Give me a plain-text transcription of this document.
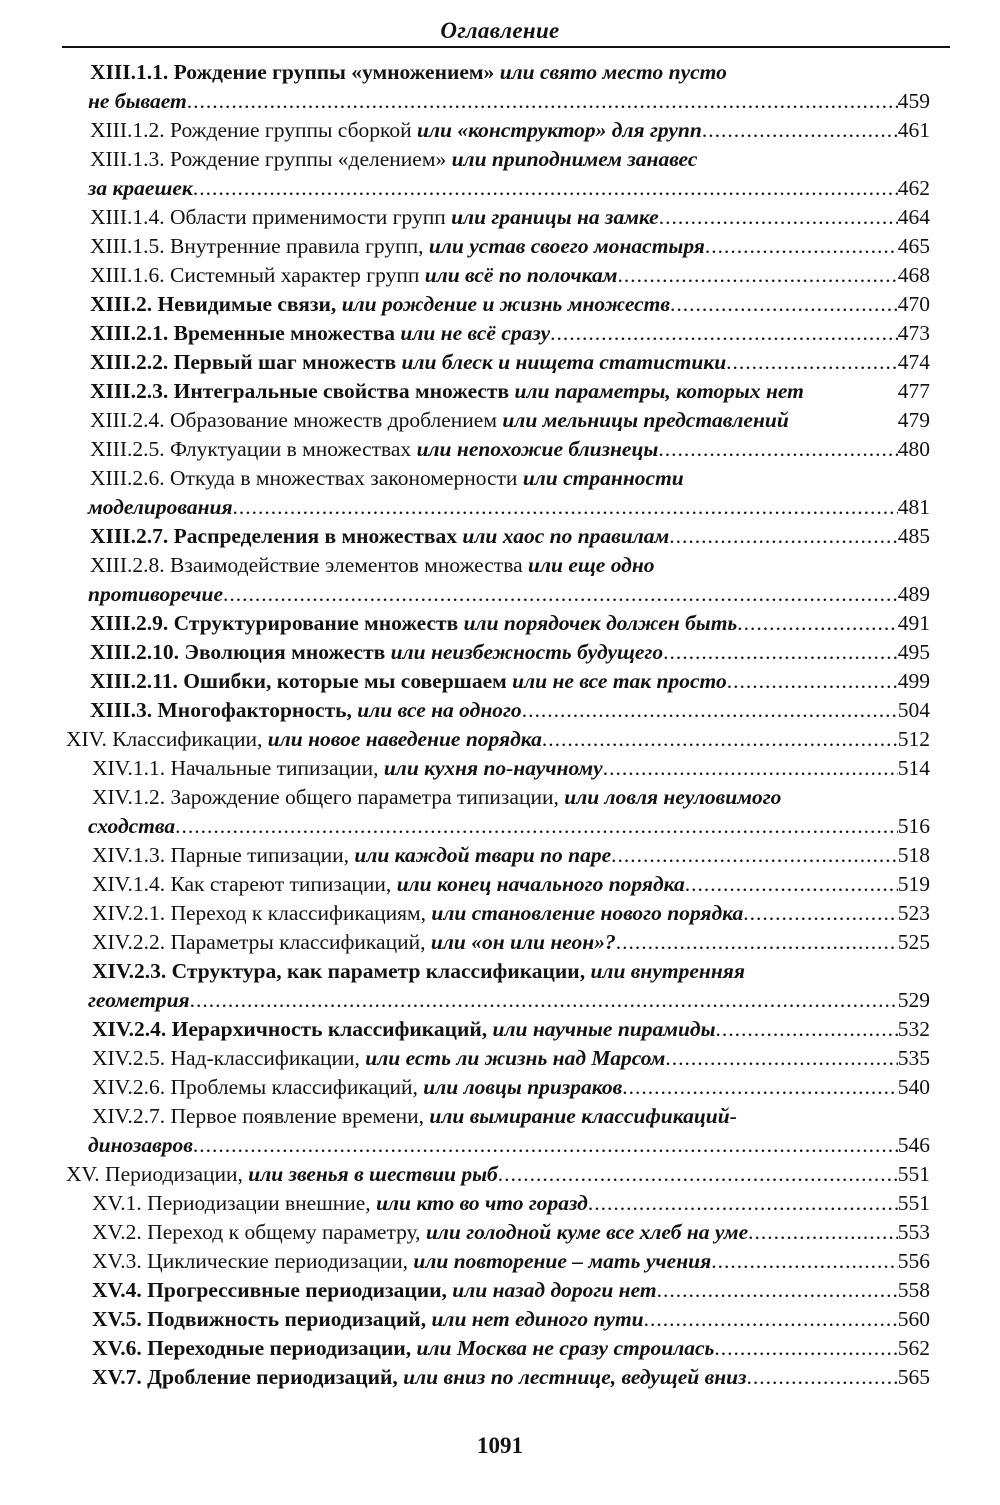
Оглавление
XIII.1.1. Рождение группы «умножением» или свято место пусто
не бывает .....	459
XIII.1.2. Рождение группы сборкой или «конструктор» для групп .....	461
XIII.1.3. Рождение группы «делением» или приподнимем занавес
за краешек .....	462
XIII.1.4. Области применимости групп или границы на замке .....	464
XIII.1.5. Внутренние правила групп, или устав своего монастыря .....	465
XIII.1.6. Системный характер групп или всё по полочкам .....	468
XIII.2. Невидимые связи, или рождение и жизнь множеств .....	470
XIII.2.1. Временные множества или не всё сразу .....	473
XIII.2.2. Первый шаг множеств или блеск и нищета статистики .....	474
XIII.2.3. Интегральные свойства множеств или параметры, которых нет	477
XIII.2.4. Образование множеств дроблением или мельницы представлений	479
XIII.2.5. Флуктуации в множествах или непохожие близнецы .....	480
XIII.2.6. Откуда в множествах закономерности или странности
моделирования .....	481
XIII.2.7. Распределения в множествах или хаос по правилам .....	485
XIII.2.8. Взаимодействие элементов множества или еще одно
противоречие .....	489
XIII.2.9. Структурирование множеств или порядочек должен быть .....	491
XIII.2.10. Эволюция множеств или неизбежность будущего .....	495
XIII.2.11. Ошибки, которые мы совершаем или не все так просто .....	499
XIII.3. Многофакторность, или все на одного .....	504
XIV. Классификации, или новое наведение порядка .....	512
XIV.1.1. Начальные типизации, или кухня по-научному .....	514
XIV.1.2. Зарождение общего параметра типизации, или ловля неуловимого
сходства .....	516
XIV.1.3. Парные типизации, или каждой твари по паре .....	518
XIV.1.4. Как стареют типизации, или конец начального порядка .....	519
XIV.2.1. Переход к классификациям, или становление нового порядка .....	523
XIV.2.2. Параметры классификаций, или «он или неон»? .....	525
XIV.2.3. Структура, как параметр классификации, или внутренняя
геометрия .....	529
XIV.2.4. Иерархичность классификаций, или научные пирамиды .....	532
XIV.2.5. Над-классификации, или есть ли жизнь над Марсом .....	535
XIV.2.6. Проблемы классификаций, или ловцы призраков .....	540
XIV.2.7. Первое появление времени, или вымирание классификаций-
динозавров .....	546
XV. Периодизации, или звенья в шествии рыб .....	551
XV.1. Периодизации внешние, или кто во что горазд .....	551
XV.2. Переход к общему параметру, или голодной куме все хлеб на уме .....	553
XV.3. Циклические периодизации, или повторение – мать учения .....	556
XV.4. Прогрессивные периодизации, или назад дороги нет .....	558
XV.5. Подвижность периодизаций, или нет единого пути .....	560
XV.6. Переходные периодизации, или Москва не сразу строилась .....	562
XV.7. Дробление периодизаций, или вниз по лестнице, ведущей вниз .....	565
1091
